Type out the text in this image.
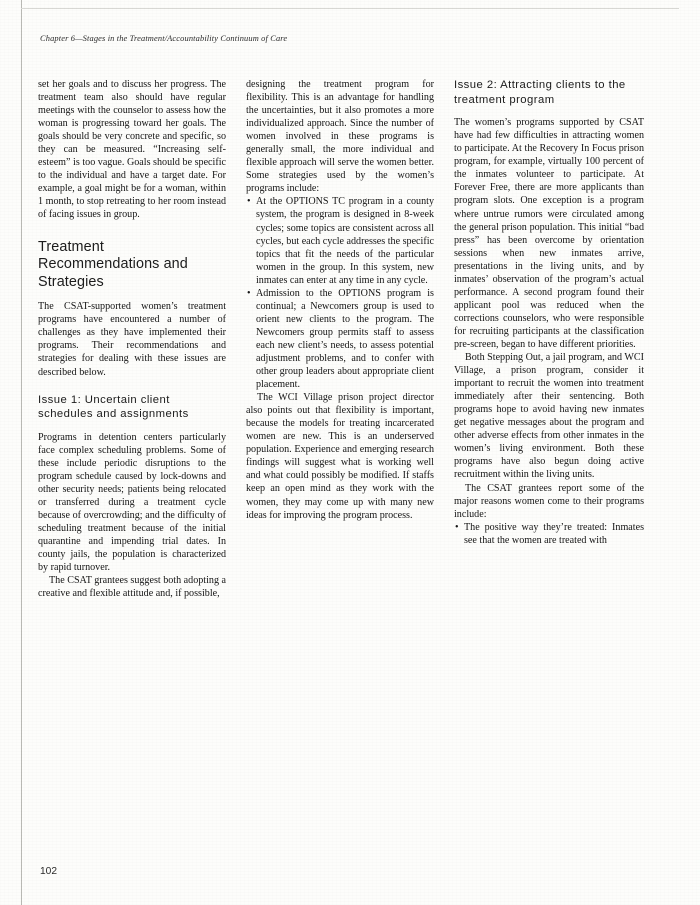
Chapter 6—Stages in the Treatment/Accountability Continuum of Care

set her goals and to discuss her progress. The treatment team also should have regular meetings with the counselor to assess how the woman is progressing toward her goals. The goals should be very concrete and specific, so they can be measured. “Increasing self-esteem” is too vague. Goals should be specific to the individual and have a target date. For example, a goal might be for a woman, within 1 month, to stop retreating to her room instead of facing issues in group.

Treatment Recommendations and Strategies

The CSAT-supported women’s treatment programs have encountered a number of challenges as they have implemented their programs. Their recommendations and strategies for dealing with these issues are described below.

Issue 1: Uncertain client schedules and assignments

Programs in detention centers particularly face complex scheduling problems. Some of these include periodic disruptions to the program schedule caused by lock-downs and other security needs; patients being relocated or transferred during a treatment cycle because of overcrowding; and the difficulty of scheduling treatment because of the initial quarantine and impending trial dates. In county jails, the population is characterized by rapid turnover.

The CSAT grantees suggest both adopting a creative and flexible attitude and, if possible,

designing the treatment program for flexibility. This is an advantage for handling the uncertainties, but it also promotes a more individualized approach. Since the number of women involved in these programs is generally small, the more individual and flexible approach will serve the women better. Some strategies used by the women’s programs include:

• At the OPTIONS TC program in a county system, the program is designed in 8-week cycles; some topics are consistent across all cycles, but each cycle addresses the specific topics that fit the needs of the particular women in the group. In this system, new inmates can enter at any time in any cycle.
• Admission to the OPTIONS program is continual; a Newcomers group is used to orient new clients to the program. The Newcomers group permits staff to assess each new client’s needs, to assess potential adjustment problems, and to confer with other group leaders about appropriate client placement.

The WCI Village prison project director also points out that flexibility is important, because the models for treating incarcerated women are new. This is an underserved population. Experience and emerging research findings will suggest what is working well and what could possibly be modified. If staffs keep an open mind as they work with the women, they may come up with many new ideas for improving the program process.

Issue 2: Attracting clients to the treatment program

The women’s programs supported by CSAT have had few difficulties in attracting women to participate. At the Recovery In Focus prison program, for example, virtually 100 percent of the inmates volunteer to participate. At Forever Free, there are more applicants than program slots. One exception is a program where untrue rumors were circulated among the general prison population. This initial “bad press” has been overcome by orientation sessions when new inmates arrive, presentations in the living units, and by inmates’ observation of the program’s actual performance. A second program found their applicant pool was reduced when the corrections counselors, who were responsible for recruiting participants at the classification pre-screen, began to have different priorities.

Both Stepping Out, a jail program, and WCI Village, a prison program, consider it important to recruit the women into treatment immediately after their sentencing. Both programs hope to avoid having new inmates get negative messages about the program and other adverse effects from other inmates in the women’s living environment. Both these programs have also begun doing active recruitment within the living units.

The CSAT grantees report some of the major reasons women come to their programs include:

• The positive way they’re treated: Inmates see that the women are treated with
102
